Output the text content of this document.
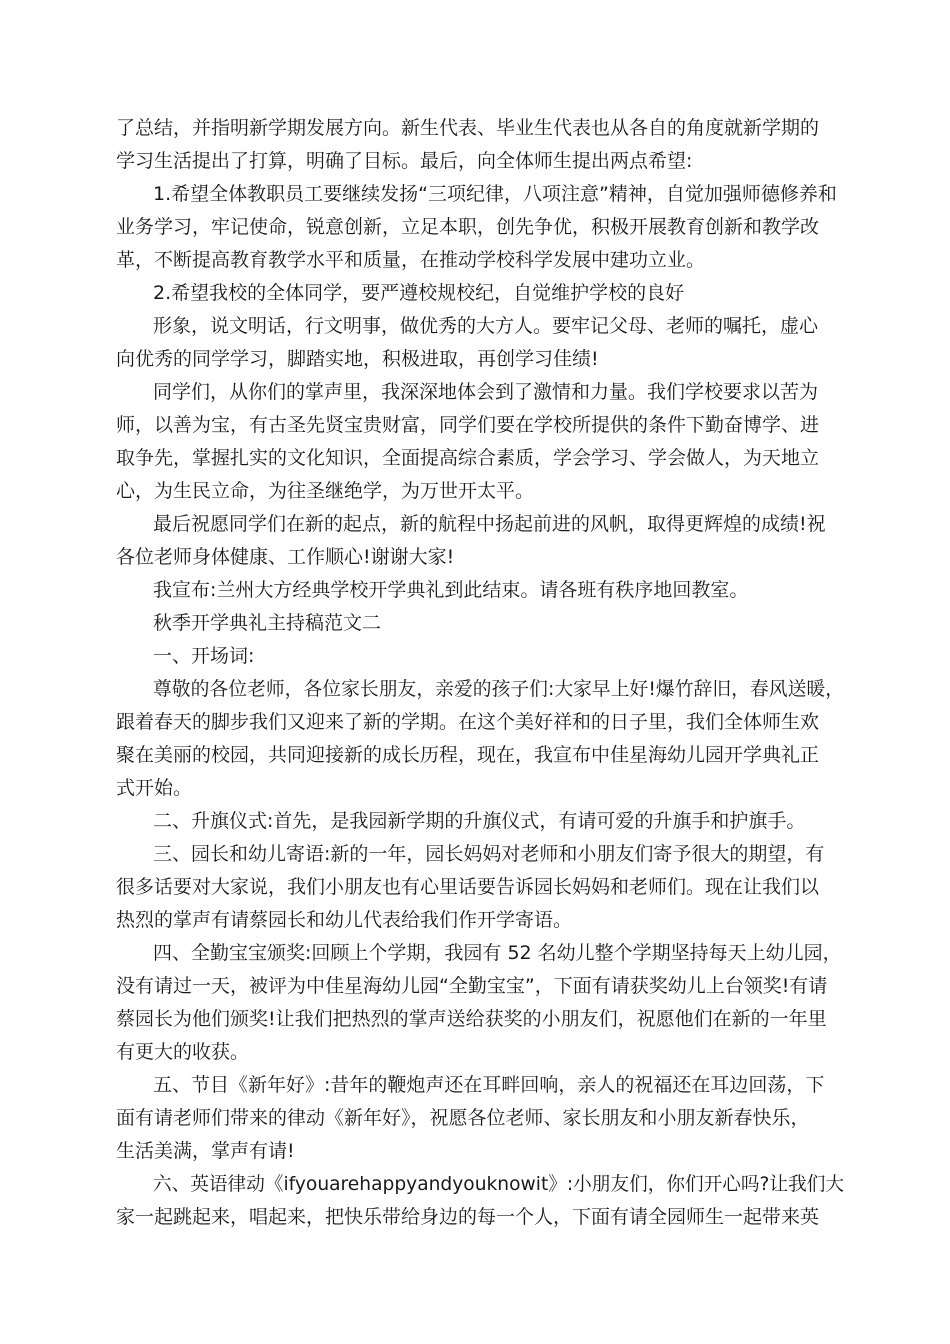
了总结，并指明新学期发展方向。新生代表、毕业生代表也从各自的角度就新学期的
学习生活提出了打算，明确了目标。最后，向全体师生提出两点希望:
1.希望全体教职员工要继续发扬“三项纪律，八项注意”精神，自觉加强师德修养和
业务学习，牢记使命，锐意创新，立足本职，创先争优，积极开展教育创新和教学改
革，不断提高教育教学水平和质量，在推动学校科学发展中建功立业。
2.希望我校的全体同学，要严遵校规校纪，自觉维护学校的良好
形象，说文明话，行文明事，做优秀的大方人。要牢记父母、老师的嘱托，虚心
向优秀的同学学习，脚踏实地，积极进取，再创学习佳绩!
同学们，从你们的掌声里，我深深地体会到了激情和力量。我们学校要求以苦为
师，以善为宝，有古圣先贤宝贵财富，同学们要在学校所提供的条件下勤奋博学、进
取争先，掌握扎实的文化知识，全面提高综合素质，学会学习、学会做人，为天地立
心，为生民立命，为往圣继绝学，为万世开太平。
最后祝愿同学们在新的起点，新的航程中扬起前进的风帆，取得更辉煌的成绩!祝
各位老师身体健康、工作顺心!谢谢大家!
我宣布:兰州大方经典学校开学典礼到此结束。请各班有秩序地回教室。
秋季开学典礼主持稿范文二
一、开场词:
尊敬的各位老师，各位家长朋友，亲爱的孩子们:大家早上好!爆竹辞旧，春风送暖，
跟着春天的脚步我们又迎来了新的学期。在这个美好祥和的日子里，我们全体师生欢
聚在美丽的校园，共同迎接新的成长历程，现在，我宣布中佳星海幼儿园开学典礼正
式开始。
二、升旗仪式:首先，是我园新学期的升旗仪式，有请可爱的升旗手和护旗手。
三、园长和幼儿寄语:新的一年，园长妈妈对老师和小朋友们寄予很大的期望，有
很多话要对大家说，我们小朋友也有心里话要告诉园长妈妈和老师们。现在让我们以
热烈的掌声有请蔡园长和幼儿代表给我们作开学寄语。
四、全勤宝宝颁奖:回顾上个学期，我园有 52 名幼儿整个学期坚持每天上幼儿园，
没有请过一天，被评为中佳星海幼儿园“全勤宝宝”，下面有请获奖幼儿上台领奖!有请
蔡园长为他们颁奖!让我们把热烈的掌声送给获奖的小朋友们，祝愿他们在新的一年里
有更大的收获。
五、节目《新年好》:昔年的鞭炮声还在耳畔回响，亲人的祝福还在耳边回荡，下
面有请老师们带来的律动《新年好》，祝愿各位老师、家长朋友和小朋友新春快乐，
生活美满，掌声有请!
六、英语律动《ifyouarehappyandyouknowit》:小朋友们，你们开心吗?让我们大
家一起跳起来，唱起来，把快乐带给身边的每一个人，下面有请全园师生一起带来英
